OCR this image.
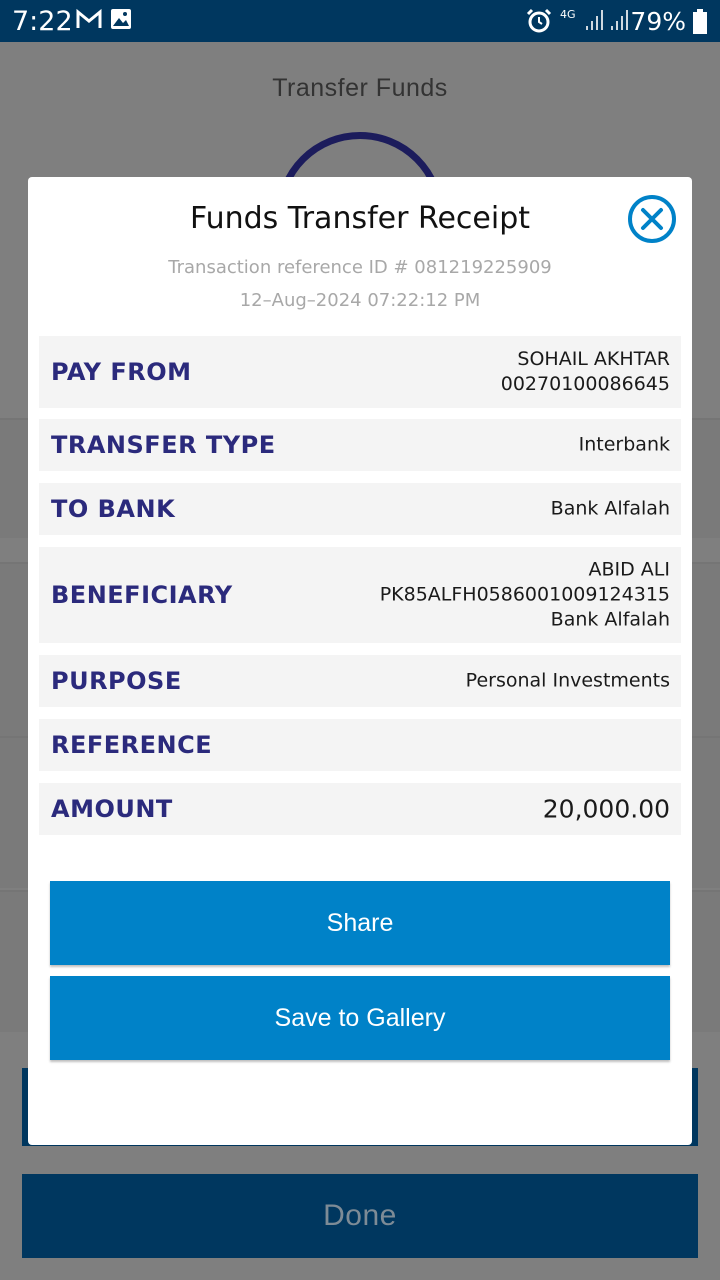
7:22	4G 79%
Transfer Funds
Done
Funds Transfer Receipt
Transaction reference ID # 081219225909
12–Aug–2024 07:22:12 PM
PAY FROM	SOHAIL AKHTAR
00270100086645
TRANSFER TYPE	Interbank
TO BANK	Bank Alfalah
BENEFICIARY
ABID ALI
PK85ALFH0586001009124315
Bank Alfalah
PURPOSE	Personal Investments
REFERENCE
AMOUNT	20,000.00
Share
Save to Gallery
